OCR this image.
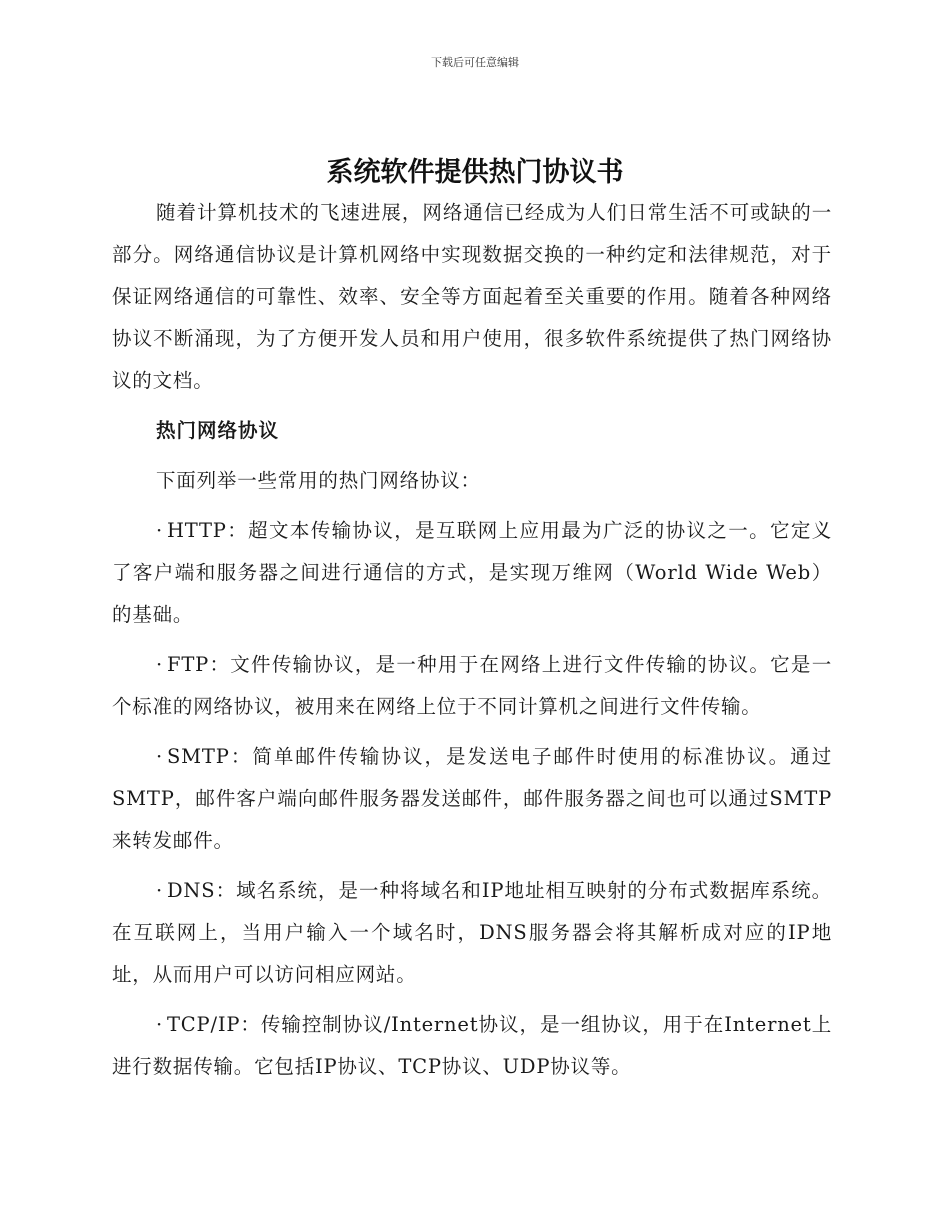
下载后可任意编辑
系统软件提供热门协议书

随着计算机技术的飞速进展，网络通信已经成为人们日常生活不可或缺的一部分。网络通信协议是计算机网络中实现数据交换的一种约定和法律规范，对于保证网络通信的可靠性、效率、安全等方面起着至关重要的作用。随着各种网络协议不断涌现，为了方便开发人员和用户使用，很多软件系统提供了热门网络协议的文档。

热门网络协议

下面列举一些常用的热门网络协议：

· HTTP：超文本传输协议，是互联网上应用最为广泛的协议之一。它定义了客户端和服务器之间进行通信的方式，是实现万维网（World Wide Web）的基础。

· FTP：文件传输协议，是一种用于在网络上进行文件传输的协议。它是一个标准的网络协议，被用来在网络上位于不同计算机之间进行文件传输。

· SMTP：简单邮件传输协议，是发送电子邮件时使用的标准协议。通过SMTP，邮件客户端向邮件服务器发送邮件，邮件服务器之间也可以通过SMTP来转发邮件。

· DNS：域名系统，是一种将域名和IP地址相互映射的分布式数据库系统。在互联网上，当用户输入一个域名时，DNS服务器会将其解析成对应的IP地址，从而用户可以访问相应网站。

· TCP/IP：传输控制协议/Internet协议，是一组协议，用于在Internet上进行数据传输。它包括IP协议、TCP协议、UDP协议等。
